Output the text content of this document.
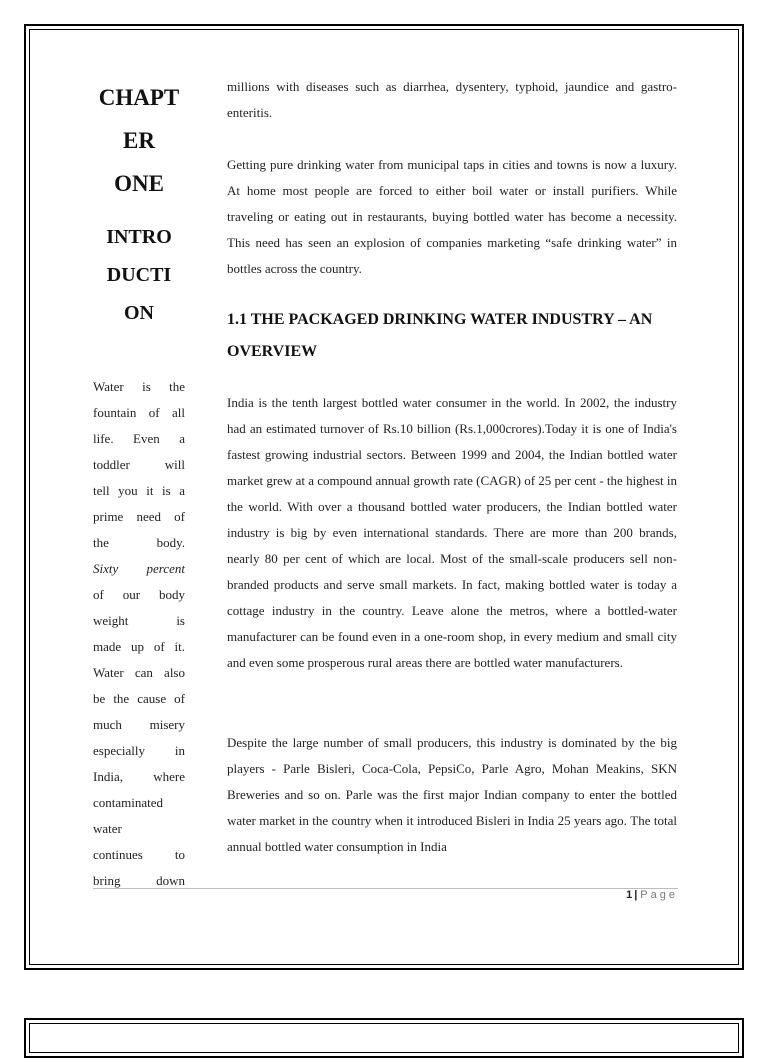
CHAPT
ER
ONE
INTRO
DUCTI
ON
Water is the
fountain of all
life. Even a
toddler will
tell you it is a
prime need of
the body.
Sixty percent
of our body
weight is
made up of it.
Water can also
be the cause of
much misery
especially in
India, where
contaminated
water
continues to
bring down

millions with diseases such as diarrhea, dysentery, typhoid, jaundice and gastro-enteritis.

Getting pure drinking water from municipal taps in cities and towns is now a luxury. At home most people are forced to either boil water or install purifiers. While traveling or eating out in restaurants, buying bottled water has become a necessity. This need has seen an explosion of companies marketing “safe drinking water” in bottles across the country.

1.1 THE PACKAGED DRINKING WATER INDUSTRY – AN OVERVIEW

India is the tenth largest bottled water consumer in the world. In 2002, the industry had an estimated turnover of Rs.10 billion (Rs.1,000crores).Today it is one of India's fastest growing industrial sectors. Between 1999 and 2004, the Indian bottled water market grew at a compound annual growth rate (CAGR) of 25 per cent - the highest in the world. With over a thousand bottled water producers, the Indian bottled water industry is big by even international standards. There are more than 200 brands, nearly 80 per cent of which are local. Most of the small-scale producers sell non-branded products and serve small markets. In fact, making bottled water is today a cottage industry in the country. Leave alone the metros, where a bottled-water manufacturer can be found even in a one-room shop, in every medium and small city and even some prosperous rural areas there are bottled water manufacturers.

Despite the large number of small producers, this industry is dominated by the big players - Parle Bisleri, Coca-Cola, PepsiCo, Parle Agro, Mohan Meakins, SKN Breweries and so on. Parle was the first major Indian company to enter the bottled water market in the country when it introduced Bisleri in India 25 years ago. The total annual bottled water consumption in India

1 | Page
